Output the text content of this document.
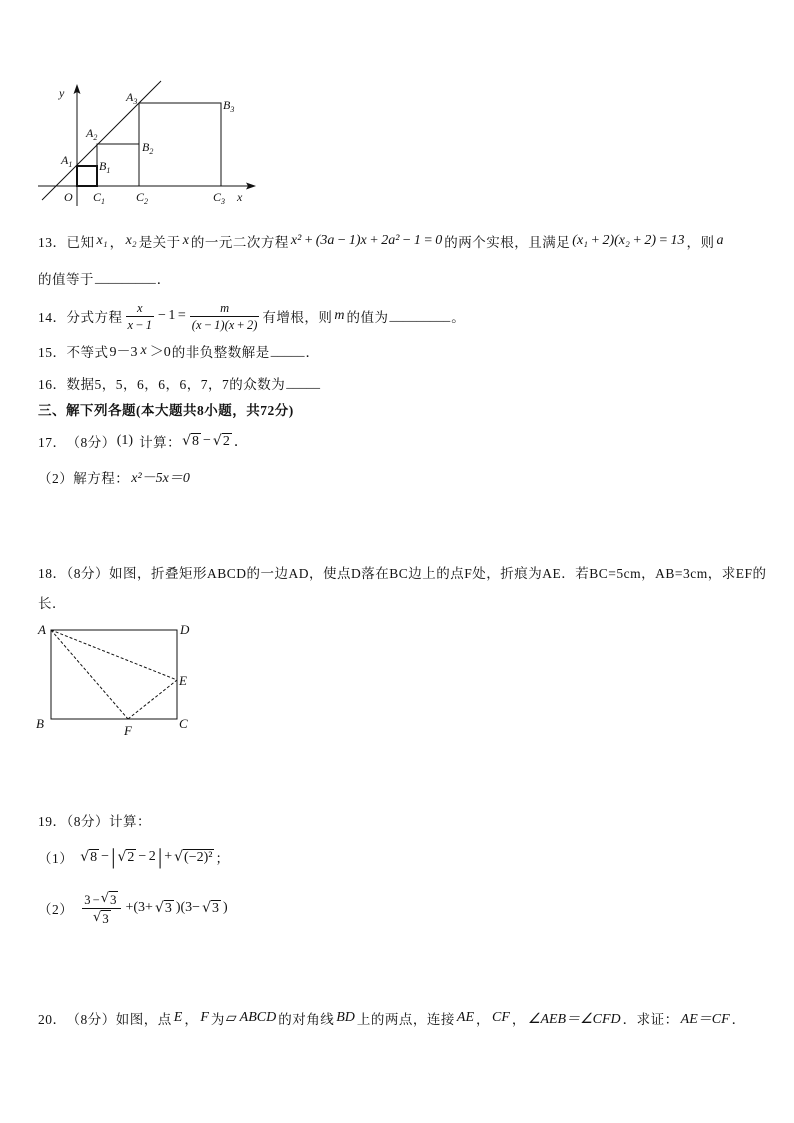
y
x
O
$A_3$	$B_3$
$A_2$
$B_2$
$A_1$ $B_1$
$C_1$	$C_2$	$C_3$
13． 已知 x₁ ， x₂ 是关于 x 的一元二次方程 x² + (3a − 1)x + 2a² − 1 = 0 的两个实根，且满足 (x₁ + 2)(x₂ + 2) = 13 ，则 a
的值等于 _________ ．
14． 分式方程 $\frac{x}{x - 1} - 1 = \frac{m}{(x - 1)(x + 2)}$ 有增根，则 m 的值为 _________ 。
15． 不等式 9－3 x ＞0 的非负整数解是 _____ ．
16． 数据5，5，6，6，6，7，7的众数为 _____
三、解下列各题(本大题共8小题，共72分)
17． （8分） (1) 计算： √ 8 − √ 2 ．
（2） 解方程： x²－5x＝0
18．（8分）如图，折叠矩形ABCD的一边AD，使点D落在BC边上的点F处，折痕为AE．若BC=5cm，AB=3cm，求EF的
长．
A	D
E
B	F	C
19．（8分）计算：
（1） √ 8 − | √ 2 − 2 | + √ (−2)² ；
$(2) \frac{3 - √ 3}{√ 3} +(3+$ √ 3 )(3− √ 3 )
20． （8分） 如图，点 E ， F 为 ▱ ABCD 的对角线 BD 上的两点，连接 AE ， CF ， ∠AEB＝∠CFD ．求证： AE＝CF ．
